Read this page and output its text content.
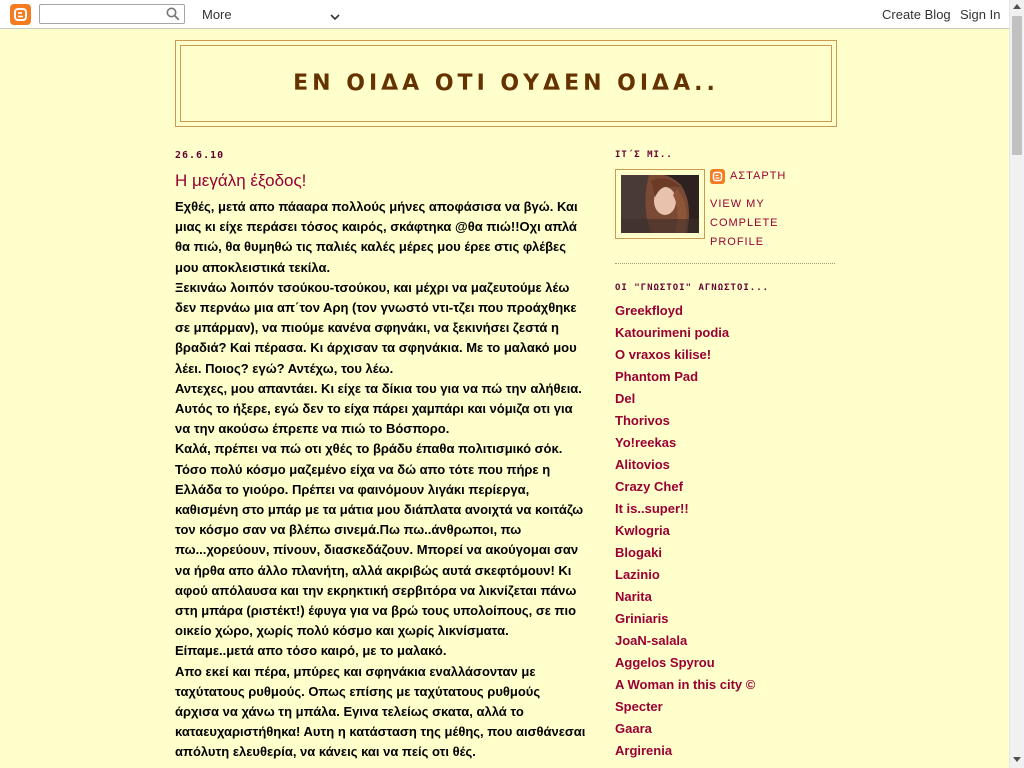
More	Create Blog Sign In
ΕΝ ΟΙΔΑ ΟΤΙ ΟΥΔΕΝ ΟΙΔΑ..
26.6.10
Η μεγάλη έξοδος!

Εχθές, μετά απο πάααρα πολλούς μήνες αποφάσισα να βγώ. Και μιας κι είχε περάσει τόσος καιρός, σκάφτηκα @θα πιώ!!Οχι απλά θα πιώ, θα θυμηθώ τις παλιές καλές μέρες μου έρεε στις φλέβες μου αποκλειστικά τεκίλα.

Ξεκινάω λοιπόν τσούκου-τσούκου, και μέχρι να μαζευτούμε λέω δεν περνάω μια απ΄τον Αρη (τον γνωστό ντι-τζει που προάχθηκε σε μπάρμαν), να πιούμε κανένα σφηνάκι, να ξεκινήσει ζεστά η βραδιά? Καi πέρασα. Κι άρχισαν τα σφηνάκια. Με το μαλακό μου λέει. Ποιος? εγώ? Αντέχω, του λέω.

Αντεχες, μου απαντάει. Κι είχε τα δίκια του για να πώ την αλήθεια. Αυτός το ήξερε, εγώ δεν το είχα πάρει χαμπάρι και νόμιζα οτι για να την ακούσω έπρεπε να πιώ το Βόσπορο.

Καλά, πρέπει να πώ οτι χθές το βράδυ έπαθα πολιτισμικό σόκ. Τόσο πολύ κόσμο μαζεμένο είχα να δώ απο τότε που πήρε η Ελλάδα το γιούρο. Πρέπει να φαινόμουν λιγάκι περίεργα, καθισμένη στο μπάρ με τα μάτια μου διάπλατα ανοιχτά να κοιτάζω τον κόσμο σαν να βλέπω σινεμά.Πω πω..άνθρωποι, πω πω...χορεύουν, πίνουν, διασκεδάζουν. Μπορεί να ακούγομαι σαν να ήρθα απο άλλο πλανήτη, αλλά ακριβώς αυτά σκεφτόμουν! Κι αφού απόλαυσα και την εκρηκτική σερβιτόρα να λικνίζεται πάνω στη μπάρα (ριστέκτ!) έφυγα για να βρώ τους υπολοίπους, σε πιο οικείο χώρο, χωρίς πολύ κόσμο και χωρίς λικνίσματα. Είπαμε..μετά απο τόσο καιρό, με το μαλακό.

Απο εκεί και πέρα, μπύρες και σφηνάκια εναλλάσονταν με ταχύτατους ρυθμούς. Οπως επίσης με ταχύτατους ρυθμούς άρχισα να χάνω τη μπάλα. Εγινα τελείως σκατα, αλλά το καταευχαριστήθηκα! Αυτη η κατάσταση της μέθης, που αισθάνεσαι απόλυτη ελευθερία, να κάνεις και να πείς οτι θές.

ΙΤ΄Σ ΜΙ..
ΑΣΤΑΡΤΗ
VIEW MY COMPLETE PROFILE
ΟΙ "ΓΝΩΣΤΟΙ" ΑΓΝΩΣΤΟΙ...
Greekfloyd
Katourimeni podia
O vraxos kilise!
Phantom Pad
Del
Thorivos
Yo!reekas
Alitovios
Crazy Chef
It is..super!!
Kwlogria
Blogaki
Lazinio
Narita
Griniaris
JoaN-salala
Aggelos Spyrou
A Woman in this city ©
Specter
Gaara
Argirenia
